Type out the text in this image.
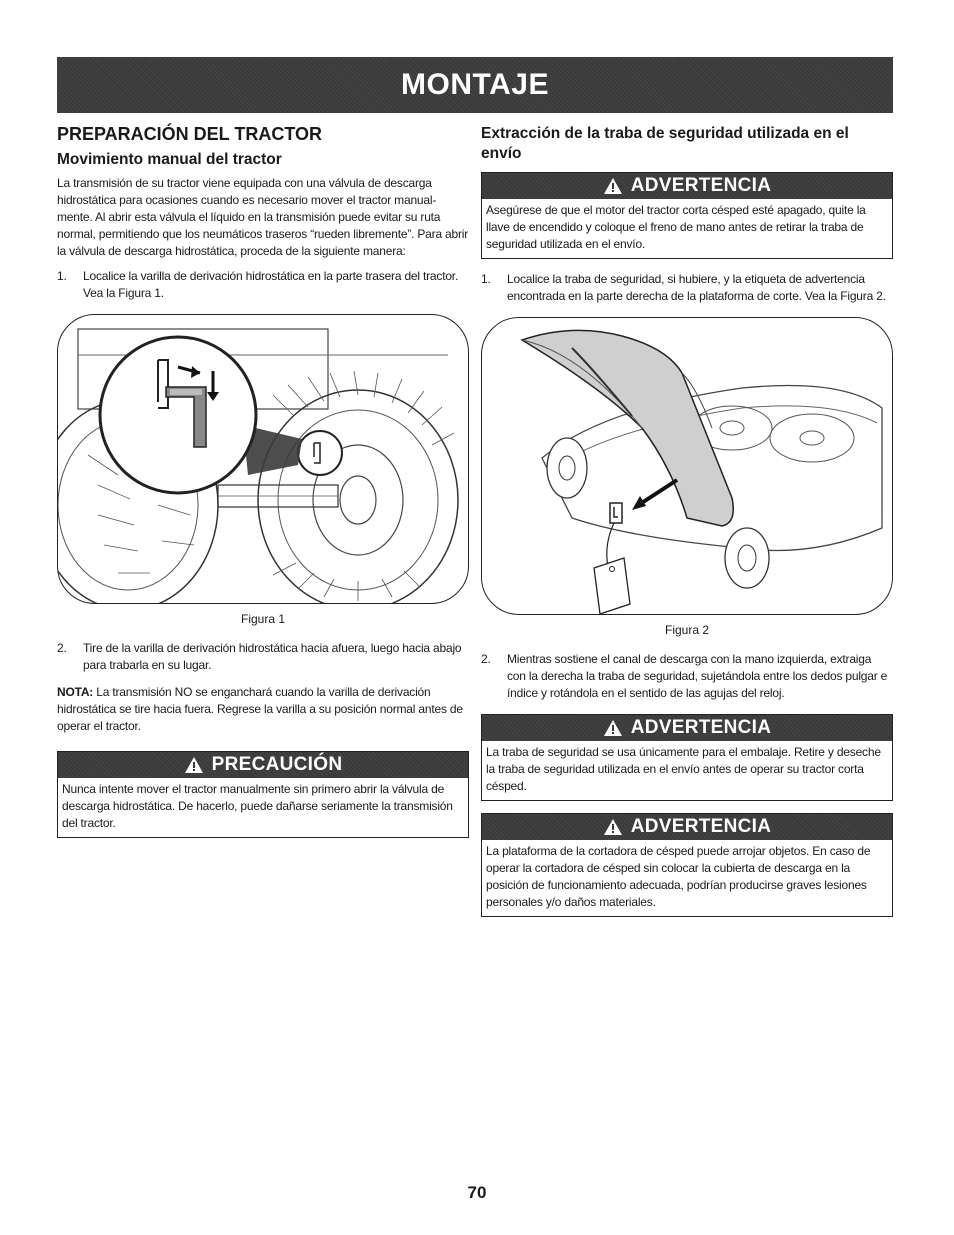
MONTAJE
PREPARACIÓN DEL TRACTOR
Movimiento manual del tractor

La transmisión de su tractor viene equipada con una válvula de descarga hidrostática para ocasiones cuando es necesario mover el tractor manual- mente. Al abrir esta válvula el líquido en la transmisión puede evitar su ruta normal, permitiendo que los neumáticos traseros “rueden libremente”. Para abrir la válvula de descarga hidrostática, proceda de la siguiente manera:

1.	Localice la varilla de derivación hidrostática en la parte trasera del tractor. Vea la Figura 1.
Figura 1
2.	Tire de la varilla de derivación hidrostática hacia afuera, luego hacia abajo para trabarla en su lugar.

NOTA: La transmisión NO se enganchará cuando la varilla de derivación hidrostática se tire hacia fuera. Regrese la varilla a su posición normal antes de operar el tractor.

PRECAUCIÓN
Nunca intente mover el tractor manualmente sin primero abrir la válvula de descarga hidrostática. De hacerlo, puede dañarse seriamente la transmisión del tractor.
Extracción de la traba de seguridad utilizada en el envío
ADVERTENCIA
Asegúrese de que el motor del tractor corta césped esté apagado, quite la llave de encendido y coloque el freno de mano antes de retirar la traba de seguridad utilizada en el envío.
1.	Localice la traba de seguridad, si hubiere, y la etiqueta de advertencia encontrada en la parte derecha de la plataforma de corte. Vea la Figura 2.
Figura 2
2.	Mientras sostiene el canal de descarga con la mano izquierda, extraiga con la derecha la traba de seguridad, sujetándola entre los dedos pulgar e índice y rotándola en el sentido de las agujas del reloj.
ADVERTENCIA
La traba de seguridad se usa únicamente para el embalaje. Retire y deseche la traba de seguridad utilizada en el envío antes de operar su tractor corta césped.
ADVERTENCIA
La plataforma de la cortadora de césped puede arrojar objetos. En caso de operar la cortadora de césped sin colocar la cubierta de descarga en la posición de funcionamiento adecuada, podrían producirse graves lesiones personales y/o daños materiales.
70
